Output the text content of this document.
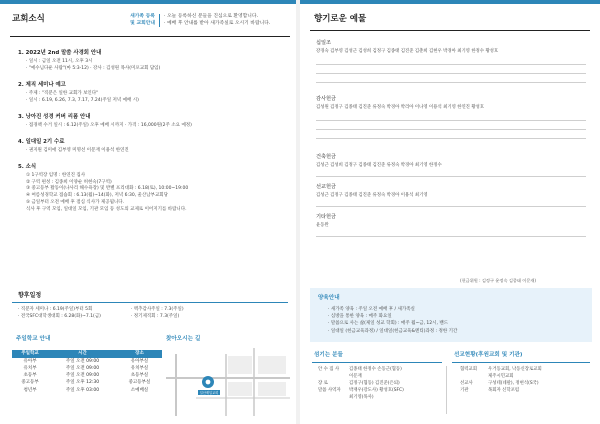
교회소식	새가족 등록
및 교회안내
· 오늘 등록하신 분들을 진심으로 환영합니다.
· 예배 후 안내를 받아 새가족실로 오시기 바랍니다.
1. 2022년 2nd 말씀 사경회 안내
· 일시 : 금일 오전 11시, 오후 3시
· "예수님다운 사람"(마 5:3-12) · 강사 : 김성원 목사(미포교회 담임)
2. 제직 세미나 예고
· 주제 : "직분은 일한 교회가 보인다"
· 일시 : 6.19, 6.26, 7.3, 7.17, 7.24(주일 저녁 예배 시)
3. 낭아진 성경 커버 리폼 안내
· 접경책 수거 일시 : 6.12(주일) 오후 예배 시까지 · 가격 : 16,000원(2주 소요 예정)
4. 일대일 2기 수료
· 권지원 김미애 김부영 미명선 이문재 이용석 한연진
5. 소식
① 1구역장 임명 : 한연진 집사
② 구역 편성 : 김종희 이양순 허현숙(7구역)
③ 중고등부 활동이(나사리 해수욕장) 및 반별 프리대화 : 6.18(토), 10:00~19:00
④ 여름성경학교 접습회 : 6.13(월)~14(화), 저녁 6:30, 울산남부교회당
⑤ 금일부터 오전 예배 후 점심 식사가 제공됩니다.
식사 후 구역 모임, 일대일 모임, 기관 모임 등 성도의 교제로 이어지기를 바랍니다.
향후일정
· 직분자 세미나 : 6.19(주일)부터 5회
· 전국SFC대학생대회 : 6.28(화)~7.1(금)
· 맥추감사주일 : 7.3(주일)
· 정기제직회 : 7.3(주일)
주일학교 안내
주일학교	시간	장소
유아부	주일 오전 09:00	유아부실
유치부	주일 오전 09:00	유치부실
초등부	주일 오전 09:00	초등부실
중고등부	주일 오후 12:30	중고등부실
청년부	주일 오후 03:00	소예배실
찾아오시는 길
일산제일교회
향기로운 예물
십일조
강경숙 김부영 김성근 김성희 김정구 김종태 김진준 김춘희 김현우 박경아 최기영 한정수 황성호
감사헌금
김성원 김정구 김종태 김진준 류정숙 박경아 박리아 이나영 이용석 최기영 한연진 황성호
건축헌금
김성근 김성희 김정구 김종태 김진준 류정숙 박경아 최기영 한정수
선교헌금
김성근 김정구 김종태 김진준 류정숙 박경아 이용석 최기영
기타헌금
윤동완
(헌금위원 : 김정구 윤정숙 김종태 이문재)
양육안내
· 새가족 양육 : 주일 오전 예배 후 / 새가족실
· 심방을 통한 양육 : 매주 화요일
· 말씀으로 사는 삶(제일 성교 학회) : 매주 월~금, 12시, 밴드
· 일대일 (헌금교육과정) / 일대일(헌금교육&멘티)과정 : 정한 기간
섬기는 분들
안 수 집 사	김종태 한정수 손동근(협동)
이문재
장 로	김정구(협동) 김진준(은퇴)
말씀 사역자	박재우(강도사) 황성호(SFC)
최기영(목사)
선교현황(후원교회 및 기관)
협력교회	우거동교회, 낙동신장로교회
제주시민교회
선교사	구성테(네팔), 정현석(S국)
기관	목회자 신학포럼
